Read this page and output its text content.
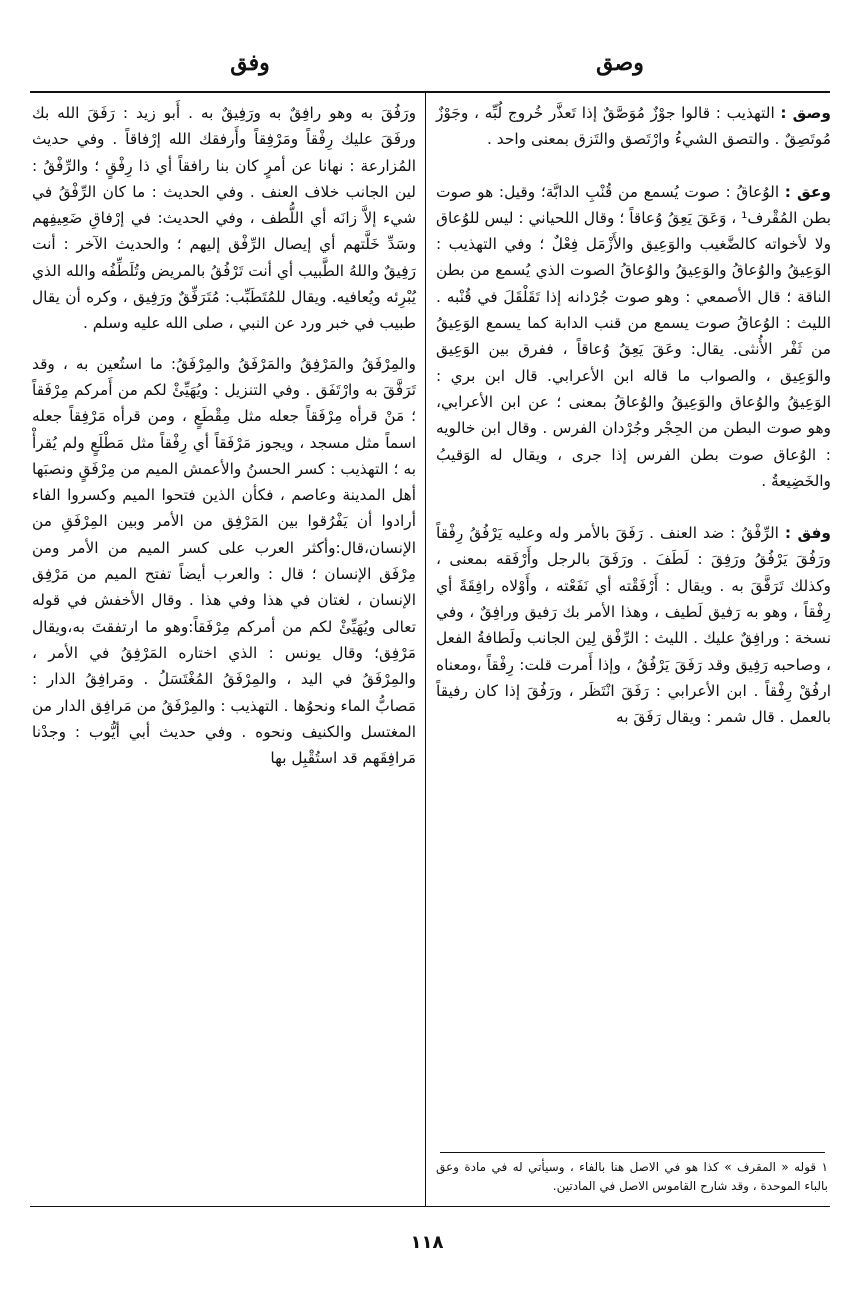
وصق
وفق

وصق : التهذيب : قالوا جوْزٌ مُوَصَّقٌ إذا تَعذَّر خُروج لُبِّه ، وجَوْزٌ مُوتَصِقٌ . والتصق الشيءُ وارْتَصق والتَزق بمعنى واحد .

وعق : الوُعاقُ : صوت يُسمع من قُنْبِ الدابَّة؛ وقيل: هو صوت بطن المُقْرف¹ ، وَعَقَ يَعِقُ وُعاقاً ؛ وقال اللحياني : ليس للوُعاق ولا لأخواته كالضَّغيب والوَعِيق والأَزْمَل فِعْلٌ ؛ وفي التهذيب : الوَعِيقُ والوُعاقُ والوَعِيقُ والوُعاقُ الصوت الذي يُسمع من بطن الناقة ؛ قال الأصمعي : وهو صوت جُرْدانه إذا تَقَلْقَلَ في قُنْبه . الليث : الوُعاقُ صوت يسمع من قنب الدابة كما يسمع الوَعِيقُ من ثَفْر الأُنثى. يقال: وعَقَ يَعِقُ وُعاقاً ، ففرق بين الوَعِيق والوَعِيق ، والصواب ما قاله ابن الأعرابي. قال ابن بري : الوَعِيقُ والوُعاق والوَعِيقُ والوُعاقُ بمعنى ؛ عن ابن الأعرابي، وهو صوت البطن من الحِجْر وجُرْدان الفرس . وقال ابن خالويه : الوُعاق صوت بطن الفرس إذا جرى ، ويقال له الوَقيبُ والخَضِيعةُ .

وفق : الرِّفْقُ : ضد العنف . رَفَقَ بالأمر وله وعليه يَرْفُقُ رِفْقاً ورَفُقَ يَرْفُقُ ورَفِقَ : لَطَفَ . ورَفَقَ بالرجل وأَرْفَقه بمعنى ، وكذلك تَرَفَّقَ به . ويقال : أَرْفَقْته أي نَفَعْته ، وأَوْلاه رافِقَةً أي رِفْقاً ، وهو به رَفيق لَطيف ، وهذا الأمر بك رَفيق ورافِقٌ ، وفي نسخة : ورافِقٌ عليك . الليث : الرِّفْق لِين الجانب ولَطافةُ الفعل ، وصاحبه رَفِيق وقد رَفَقَ يَرْفُقُ ، وإذا أَمرت قلت: رِفْقاً ،ومعناه ارفُقْ رِفْقاً . ابن الأعرابي : رَفَقَ انْتَظَر ، ورَفُقَ إذا كان رفيقاً بالعمل . قال شمر : ويقال رَفَقَ به

ورَفُقَ به وهو رافِقٌ به ورَفِيقٌ به . أَبو زيد : رَفَقَ الله بك ورفَقَ عليك رِفْقاً ومَرْفِقاً وأَرفقك الله إرْفاقاً . وفي حديث المُزارعة : نهانا عن أمرٍ كان بنا رافقاً أي ذا رِفْقٍ ؛ والرِّفْقُ : لين الجانب خلاف العنف . وفي الحديث : ما كان الرِّفْقُ في شيء إلاَّ زانَه أي اللُّطف ، وفي الحديث: في إرْفاقِ ضَعِيفِهم وسَدِّ خَلَّتهم أي إيصال الرِّفْق إليهم ؛ والحديث الآخر : أنت رَفِيقٌ واللهُ الطَّبيب أي أنت تَرْفُقُ بالمريض وتُلَطِّفُه والله الذي يُبْرِئه ويُعافيه. ويقال للمُتَطَبِّب: مُتَرَفِّقٌ ورَفِيق ، وكره أن يقال طبيب في خبر ورد عن النبي ، صلى الله عليه وسلم .

والمِرْفَقُ والمَرْفِقُ والمَرْفَقُ والمِرْفَقُ: ما استُعين به ، وقد تَرَفَّقَ به وارْتَفَق . وفي التنزيل : ويُهَيِّئْ لكم من أَمركم مِرْفَقاً ؛ مَنْ قرأه مِرْفَقاً جعله مثل مِقْطَعٍ ، ومن قرأه مَرْفِقاً جعله اسماً مثل مسجد ، ويجوز مَرْفَقاً أي رِفْقاً مثل مَطْلَعٍ ولم يُقرأْ به ؛ التهذيب : كسر الحسنُ والأعمش الميم من مِرْفَقٍ ونصبَها أهل المدينة وعاصم ، فكأن الذين فتحوا الميم وكسروا الفاء أرادوا أن يَفْرُقوا بين المَرْفِق من الأمر وبين المِرْفَقِ من الإنسان،قال:وأكثر العرب على كسر الميم من الأمر ومن مِرْفَق الإنسان ؛ قال : والعرب أيضاً تفتح الميم من مَرْفِق الإنسان ، لغتان في هذا وفي هذا . وقال الأخفش في قوله تعالى ويُهَيِّئْ لكم من أمركم مِرْفَقاً:وهو ما ارتفقتَ به،ويقال مَرْفِق؛ وقال يونس : الذي اختاره المَرْفِقُ في الأمر ، والمِرْفَقُ في اليد ، والمِرْفَقُ المُغْتَسَلُ . ومَرافِقُ الدار : مَصابُّ الماء ونحوُها . التهذيب : والمِرْفَقُ من مَرافِق الدار من المغتسل والكنيف ونحوه . وفي حديث أبي أيُّوب : وجدْنا مَرافِقَهم قد استُقْبِل بها

١ قوله « المقرف » كذا هو في الاصل هنا بالفاء ، وسيأتي له في مادة وعق بالباء الموحدة ، وقد شارح القاموس الاصل في المادتين.
١١٨
